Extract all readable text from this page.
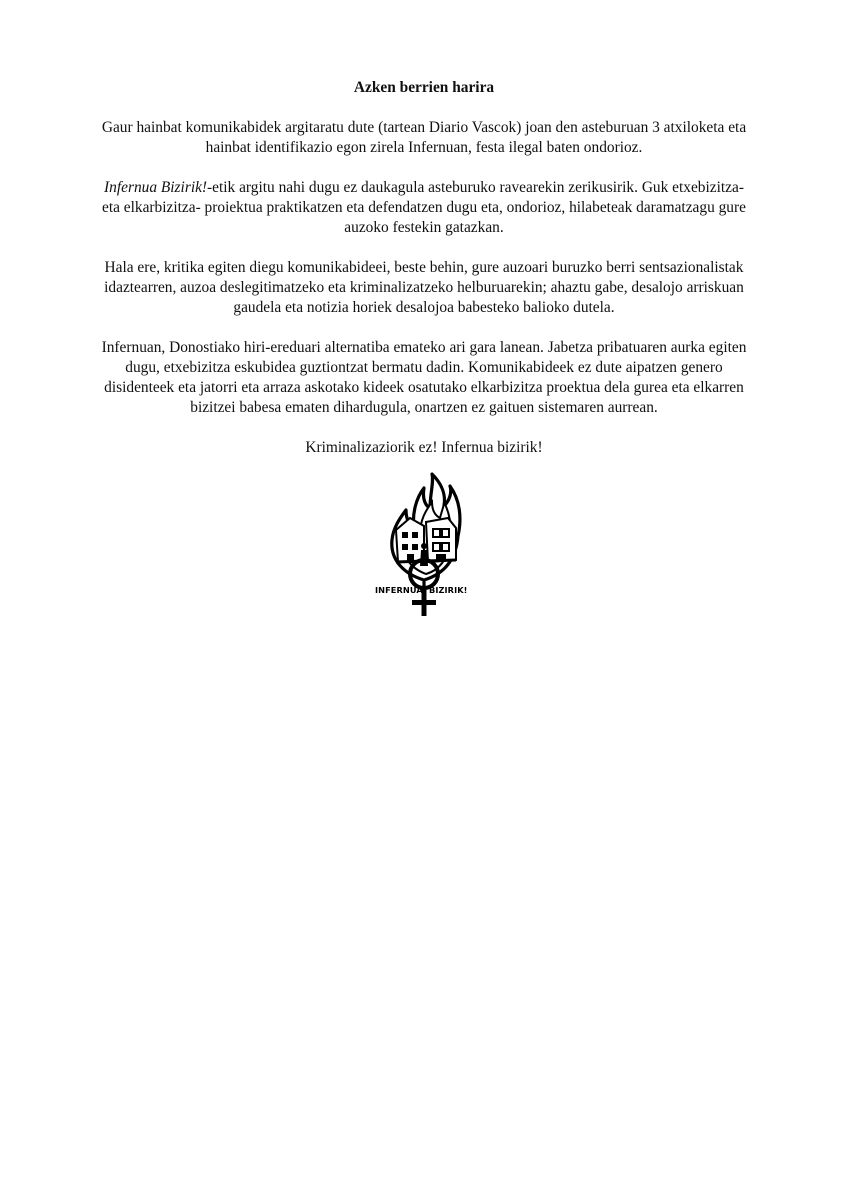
Azken berrien harira
Gaur hainbat komunikabidek argitaratu dute (tartean Diario Vascok) joan den asteburuan 3 atxiloketa eta hainbat identifikazio egon zirela Infernuan, festa ilegal baten ondorioz.
Infernua Bizirik!-etik argitu nahi dugu ez daukagula asteburuko ravearekin zerikusirik. Guk etxebizitza- eta elkarbizitza- proiektua praktikatzen eta defendatzen dugu eta, ondorioz, hilabeteak daramatzagu gure auzoko festekin gatazkan.
Hala ere, kritika egiten diegu komunikabideei, beste behin, gure auzoari buruzko berri sentsazionalistak idaztearren, auzoa deslegitimatzeko eta kriminalizatzeko helburuarekin; ahaztu gabe, desalojo arriskuan gaudela eta notizia horiek desalojoa babesteko balioko dutela.
Infernuan, Donostiako hiri-ereduari alternatiba emateko ari gara lanean. Jabetza pribatuaren aurka egiten dugu, etxebizitza eskubidea guztiontzat bermatu dadin. Komunikabideek ez dute aipatzen genero disidenteek eta jatorri eta arraza askotako kideek osatutako elkarbizitza proektua dela gurea eta elkarren bizitzei babesa ematen dihardugula, onartzen ez gaituen sistemaren aurrean.
Kriminalizaziorik ez! Infernua bizirik!
INFERNUA BIZIRIK!
